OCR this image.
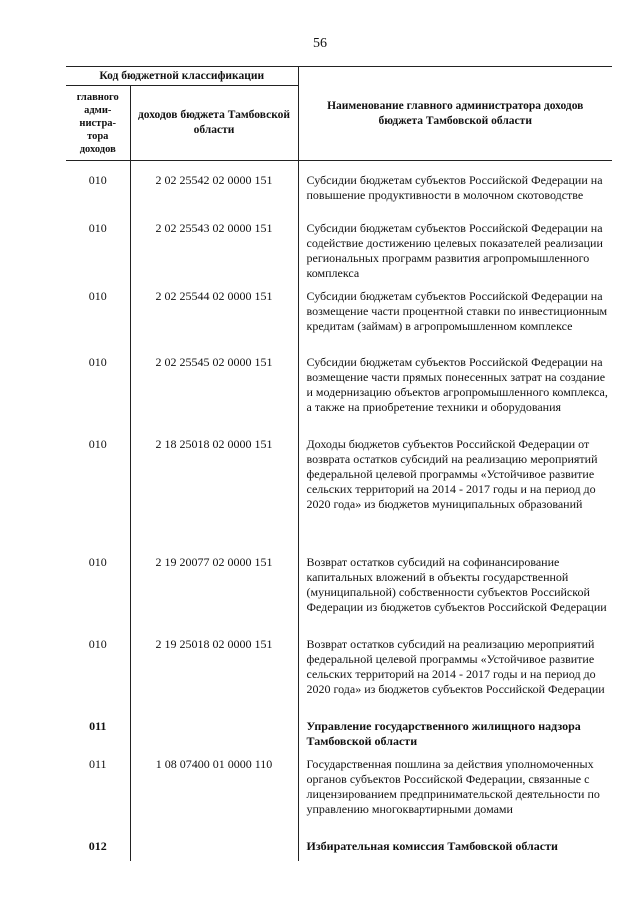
56
Код бюджетной классификации		Наименование главного администратора доходов бюджета Тамбовской области
главного адми-нистра-тора доходов	доходов бюджета Тамбовской области	
010	2 02 25542 02 0000 151	Субсидии бюджетам субъектов Российской Федерации на повышение продуктивности в молочном скотоводстве
010	2 02 25543 02 0000 151	Субсидии бюджетам субъектов Российской Федерации на содействие достижению целевых показателей реализации региональных программ развития агропромышленного комплекса
010	2 02 25544 02 0000 151	Субсидии бюджетам субъектов Российской Федерации на возмещение части процентной ставки по инвестиционным кредитам (займам) в агропромышленном комплексе
010	2 02 25545 02 0000 151	Субсидии бюджетам субъектов Российской Федерации на возмещение части прямых понесенных затрат на создание и модернизацию объектов агропромышленного комплекса, а также на приобретение техники и оборудования
010	2 18 25018 02 0000 151	Доходы бюджетов субъектов Российской Федерации от возврата остатков субсидий на реализацию мероприятий федеральной целевой программы «Устойчивое развитие сельских территорий на 2014 - 2017 годы и на период до 2020 года» из бюджетов муниципальных образований
010	2 19 20077 02 0000 151	Возврат остатков субсидий на софинансирование капитальных вложений в объекты государственной (муниципальной) собственности субъектов Российской Федерации из бюджетов субъектов Российской Федерации
010	2 19 25018 02 0000 151	Возврат остатков субсидий на реализацию мероприятий федеральной целевой программы «Устойчивое развитие сельских территорий на 2014 - 2017 годы и на период до 2020 года» из бюджетов субъектов Российской Федерации
011		Управление государственного жилищного надзора Тамбовской области
011	1 08 07400 01 0000 110	Государственная пошлина за действия уполномоченных органов субъектов Российской Федерации, связанные с лицензированием предпринимательской деятельности по управлению многоквартирными домами
012		Избирательная комиссия Тамбовской области
